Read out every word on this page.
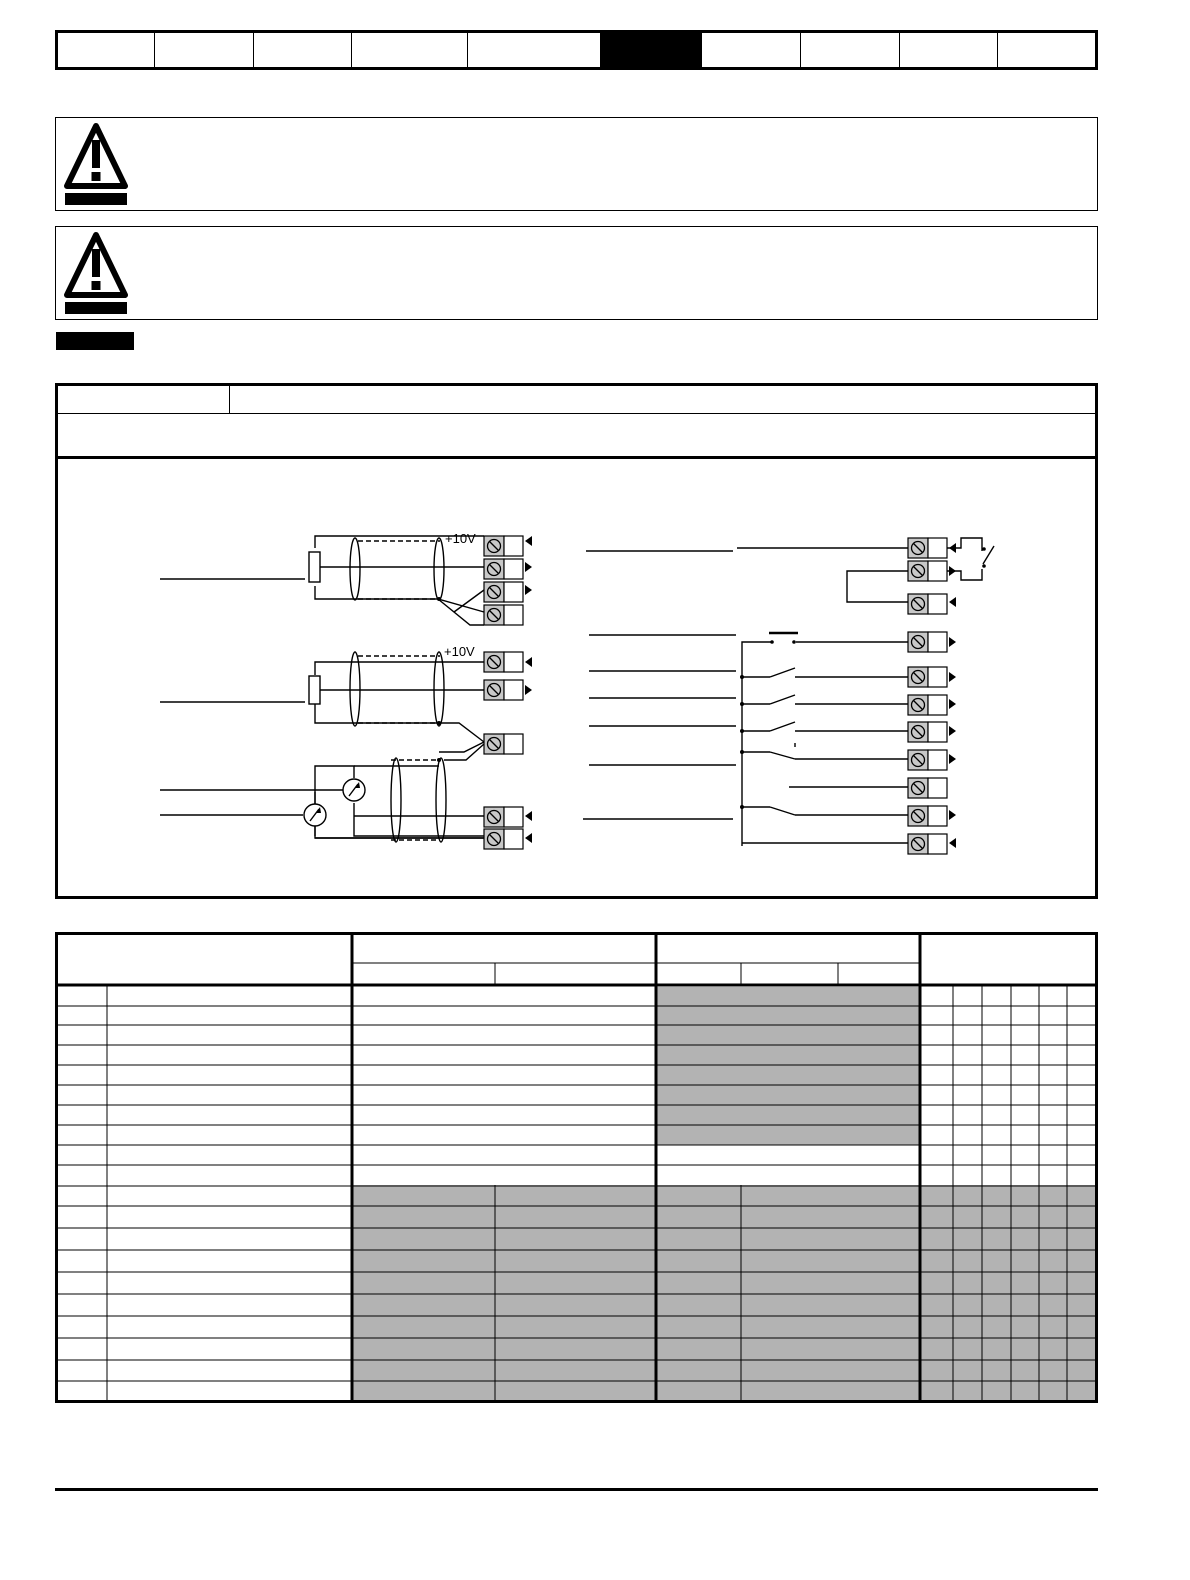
+10V
+10V
